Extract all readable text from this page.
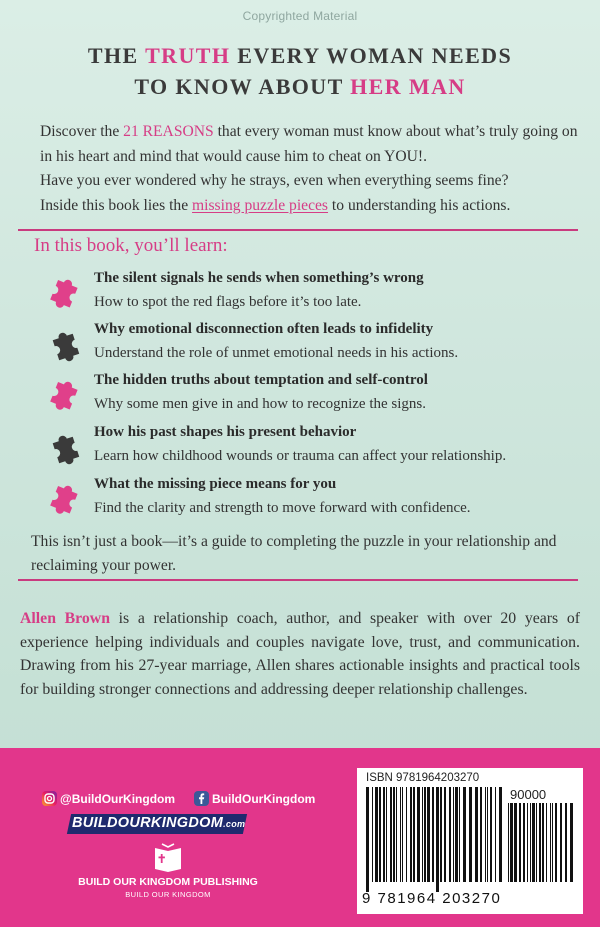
Copyrighted Material
THE TRUTH EVERY WOMAN NEEDS
TO KNOW ABOUT HER MAN
Discover the 21 REASONS that every woman must know about what’s truly going on in his heart and mind that would cause him to cheat on YOU!.
Have you ever wondered why he strays, even when everything seems fine?
Inside this book lies the missing puzzle pieces to understanding his actions.
In this book, you’ll learn:
The silent signals he sends when something’s wrong
How to spot the red flags before it’s too late.
Why emotional disconnection often leads to infidelity
Understand the role of unmet emotional needs in his actions.
The hidden truths about temptation and self-control
Why some men give in and how to recognize the signs.
How his past shapes his present behavior
Learn how childhood wounds or trauma can affect your relationship.
What the missing piece means for you
Find the clarity and strength to move forward with confidence.
This isn’t just a book—it’s a guide to completing the puzzle in your relationship and reclaiming your power.
Allen Brown is a relationship coach, author, and speaker with over 20 years of experience helping individuals and couples navigate love, trust, and communication. Drawing from his 27-year marriage, Allen shares actionable insights and practical tools for building stronger connections and addressing deeper relationship challenges.
@BuildOurKingdom	BuildOurKingdom
BUILDOURKINGDOM.com
BUILD OUR KINGDOM PUBLISHING
BUILD OUR KINGDOM
ISBN 9781964203270
90000
9 781964 203270
